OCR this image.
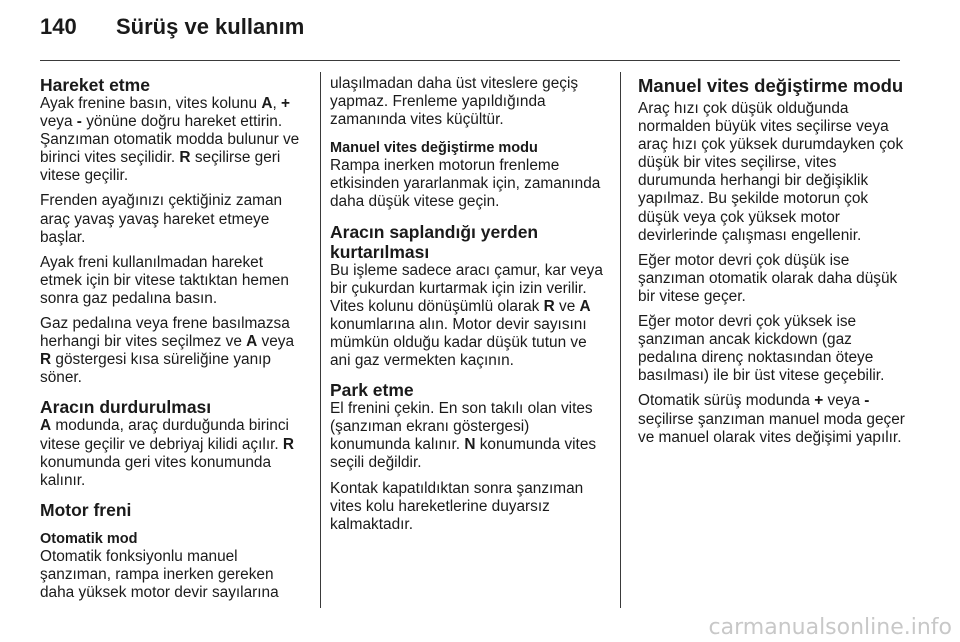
140 Sürüş ve kullanım
Hareket etme

Ayak frenine basın, vites kolunu A, + veya - yönüne doğru hareket ettirin. Şanzıman otomatik modda bulunur ve birinci vites seçilidir. R seçilirse geri vitese geçilir.

Frenden ayağınızı çektiğiniz zaman araç yavaş yavaş hareket etmeye başlar.

Ayak freni kullanılmadan hareket etmek için bir vitese taktıktan hemen sonra gaz pedalına basın.

Gaz pedalına veya frene basılmazsa herhangi bir vites seçilmez ve A veya R göstergesi kısa süreliğine yanıp söner.

Aracın durdurulması

A modunda, araç durduğunda birinci vitese geçilir ve debriyaj kilidi açılır. R konumunda geri vites konumunda kalınır.

Motor freni
Otomatik mod

Otomatik fonksiyonlu manuel şanzıman, rampa inerken gereken daha yüksek motor devir sayılarına

ulaşılmadan daha üst viteslere geçiş yapmaz. Frenleme yapıldığında zamanında vites küçültür.

Manuel vites değiştirme modu

Rampa inerken motorun frenleme etkisinden yararlanmak için, zamanında daha düşük vitese geçin.

Aracın saplandığı yerden kurtarılması

Bu işleme sadece aracı çamur, kar veya bir çukurdan kurtarmak için izin verilir. Vites kolunu dönüşümlü olarak R ve A konumlarına alın. Motor devir sayısını mümkün olduğu kadar düşük tutun ve ani gaz vermekten kaçının.

Park etme

El frenini çekin. En son takılı olan vites (şanzıman ekranı göstergesi) konumunda kalınır. N konumunda vites seçili değildir.

Kontak kapatıldıktan sonra şanzıman vites kolu hareketlerine duyarsız kalmaktadır.

Manuel vites değiştirme modu

Araç hızı çok düşük olduğunda normalden büyük vites seçilirse veya araç hızı çok yüksek durumdayken çok düşük bir vites seçilirse, vites durumunda herhangi bir değişiklik yapılmaz. Bu şekilde motorun çok düşük veya çok yüksek motor devirlerinde çalışması engellenir.

Eğer motor devri çok düşük ise şanzıman otomatik olarak daha düşük bir vitese geçer.

Eğer motor devri çok yüksek ise şanzıman ancak kickdown (gaz pedalına direnç noktasından öteye basılması) ile bir üst vitese geçebilir.

Otomatik sürüş modunda + veya - seçilirse şanzıman manuel moda geçer ve manuel olarak vites değişimi yapılır.

carmanualsonline.info
